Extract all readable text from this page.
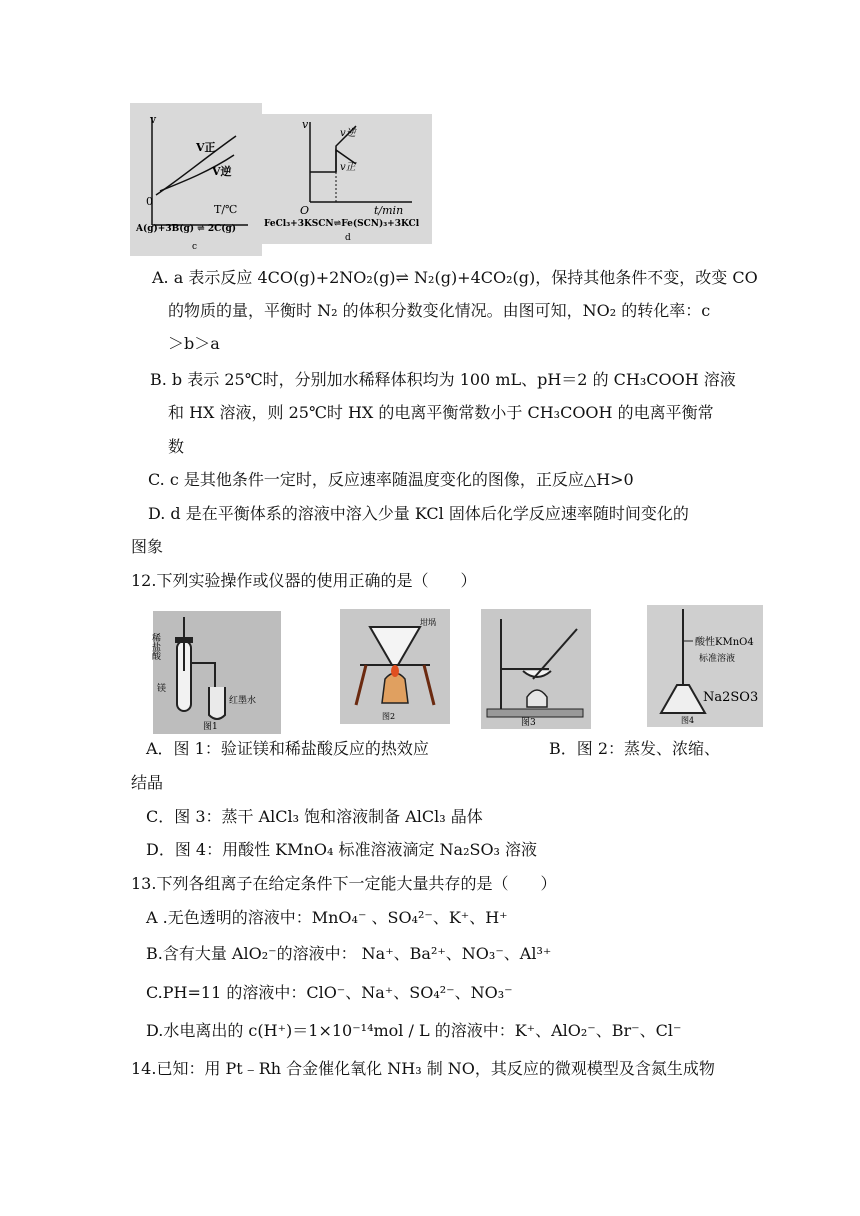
v
0
T/℃
V正
V逆
A(g)+3B(g) ⇌ 2C(g)
c
v
O	t/min
v逆
v正
FeCl₃+3KSCN⇌Fe(SCN)₃+3KCl
d
A. a 表示反应 4CO(g)+2NO₂(g)⇌ N₂(g)+4CO₂(g)，保持其他条件不变，改变 CO
的物质的量，平衡时 N₂ 的体积分数变化情况。由图可知，NO₂ 的转化率：c
＞b＞a
B. b 表示 25℃时，分别加水稀释体积均为 100 mL、pH＝2 的 CH₃COOH 溶液
和 HX 溶液，则 25℃时 HX 的电离平衡常数小于 CH₃COOH 的电离平衡常
数
C. c 是其他条件一定时，反应速率随温度变化的图像，正反应△H>0
D. d 是在平衡体系的溶液中溶入少量 KCl 固体后化学反应速率随时间变化的
图象
12.下列实验操作或仪器的使用正确的是（　　）
稀盐酸
镁
红墨水
图1
坩埚
图2
图3
酸性KMnO4
标准溶液
Na2SO3
图4
A．图 1：验证镁和稀盐酸反应的热效应	B．图 2：蒸发、浓缩、
结晶
C．图 3：蒸干 AlCl₃ 饱和溶液制备 AlCl₃ 晶体
D．图 4：用酸性 KMnO₄ 标准溶液滴定 Na₂SO₃ 溶液
13.下列各组离子在给定条件下一定能大量共存的是（　　）
A .无色透明的溶液中：MnO₄⁻ 、SO₄²⁻、K⁺、H⁺
B.含有大量 AlO₂⁻的溶液中： Na⁺、Ba²⁺、NO₃⁻、Al³⁺
C.PH=11 的溶液中：ClO⁻、Na⁺、SO₄²⁻、NO₃⁻
D.水电离出的 c(H⁺)＝1×10⁻¹⁴mol / L 的溶液中：K⁺、AlO₂⁻、Br⁻、Cl⁻
14.已知：用 Pt﹣Rh 合金催化氧化 NH₃ 制 NO，其反应的微观模型及含氮生成物
